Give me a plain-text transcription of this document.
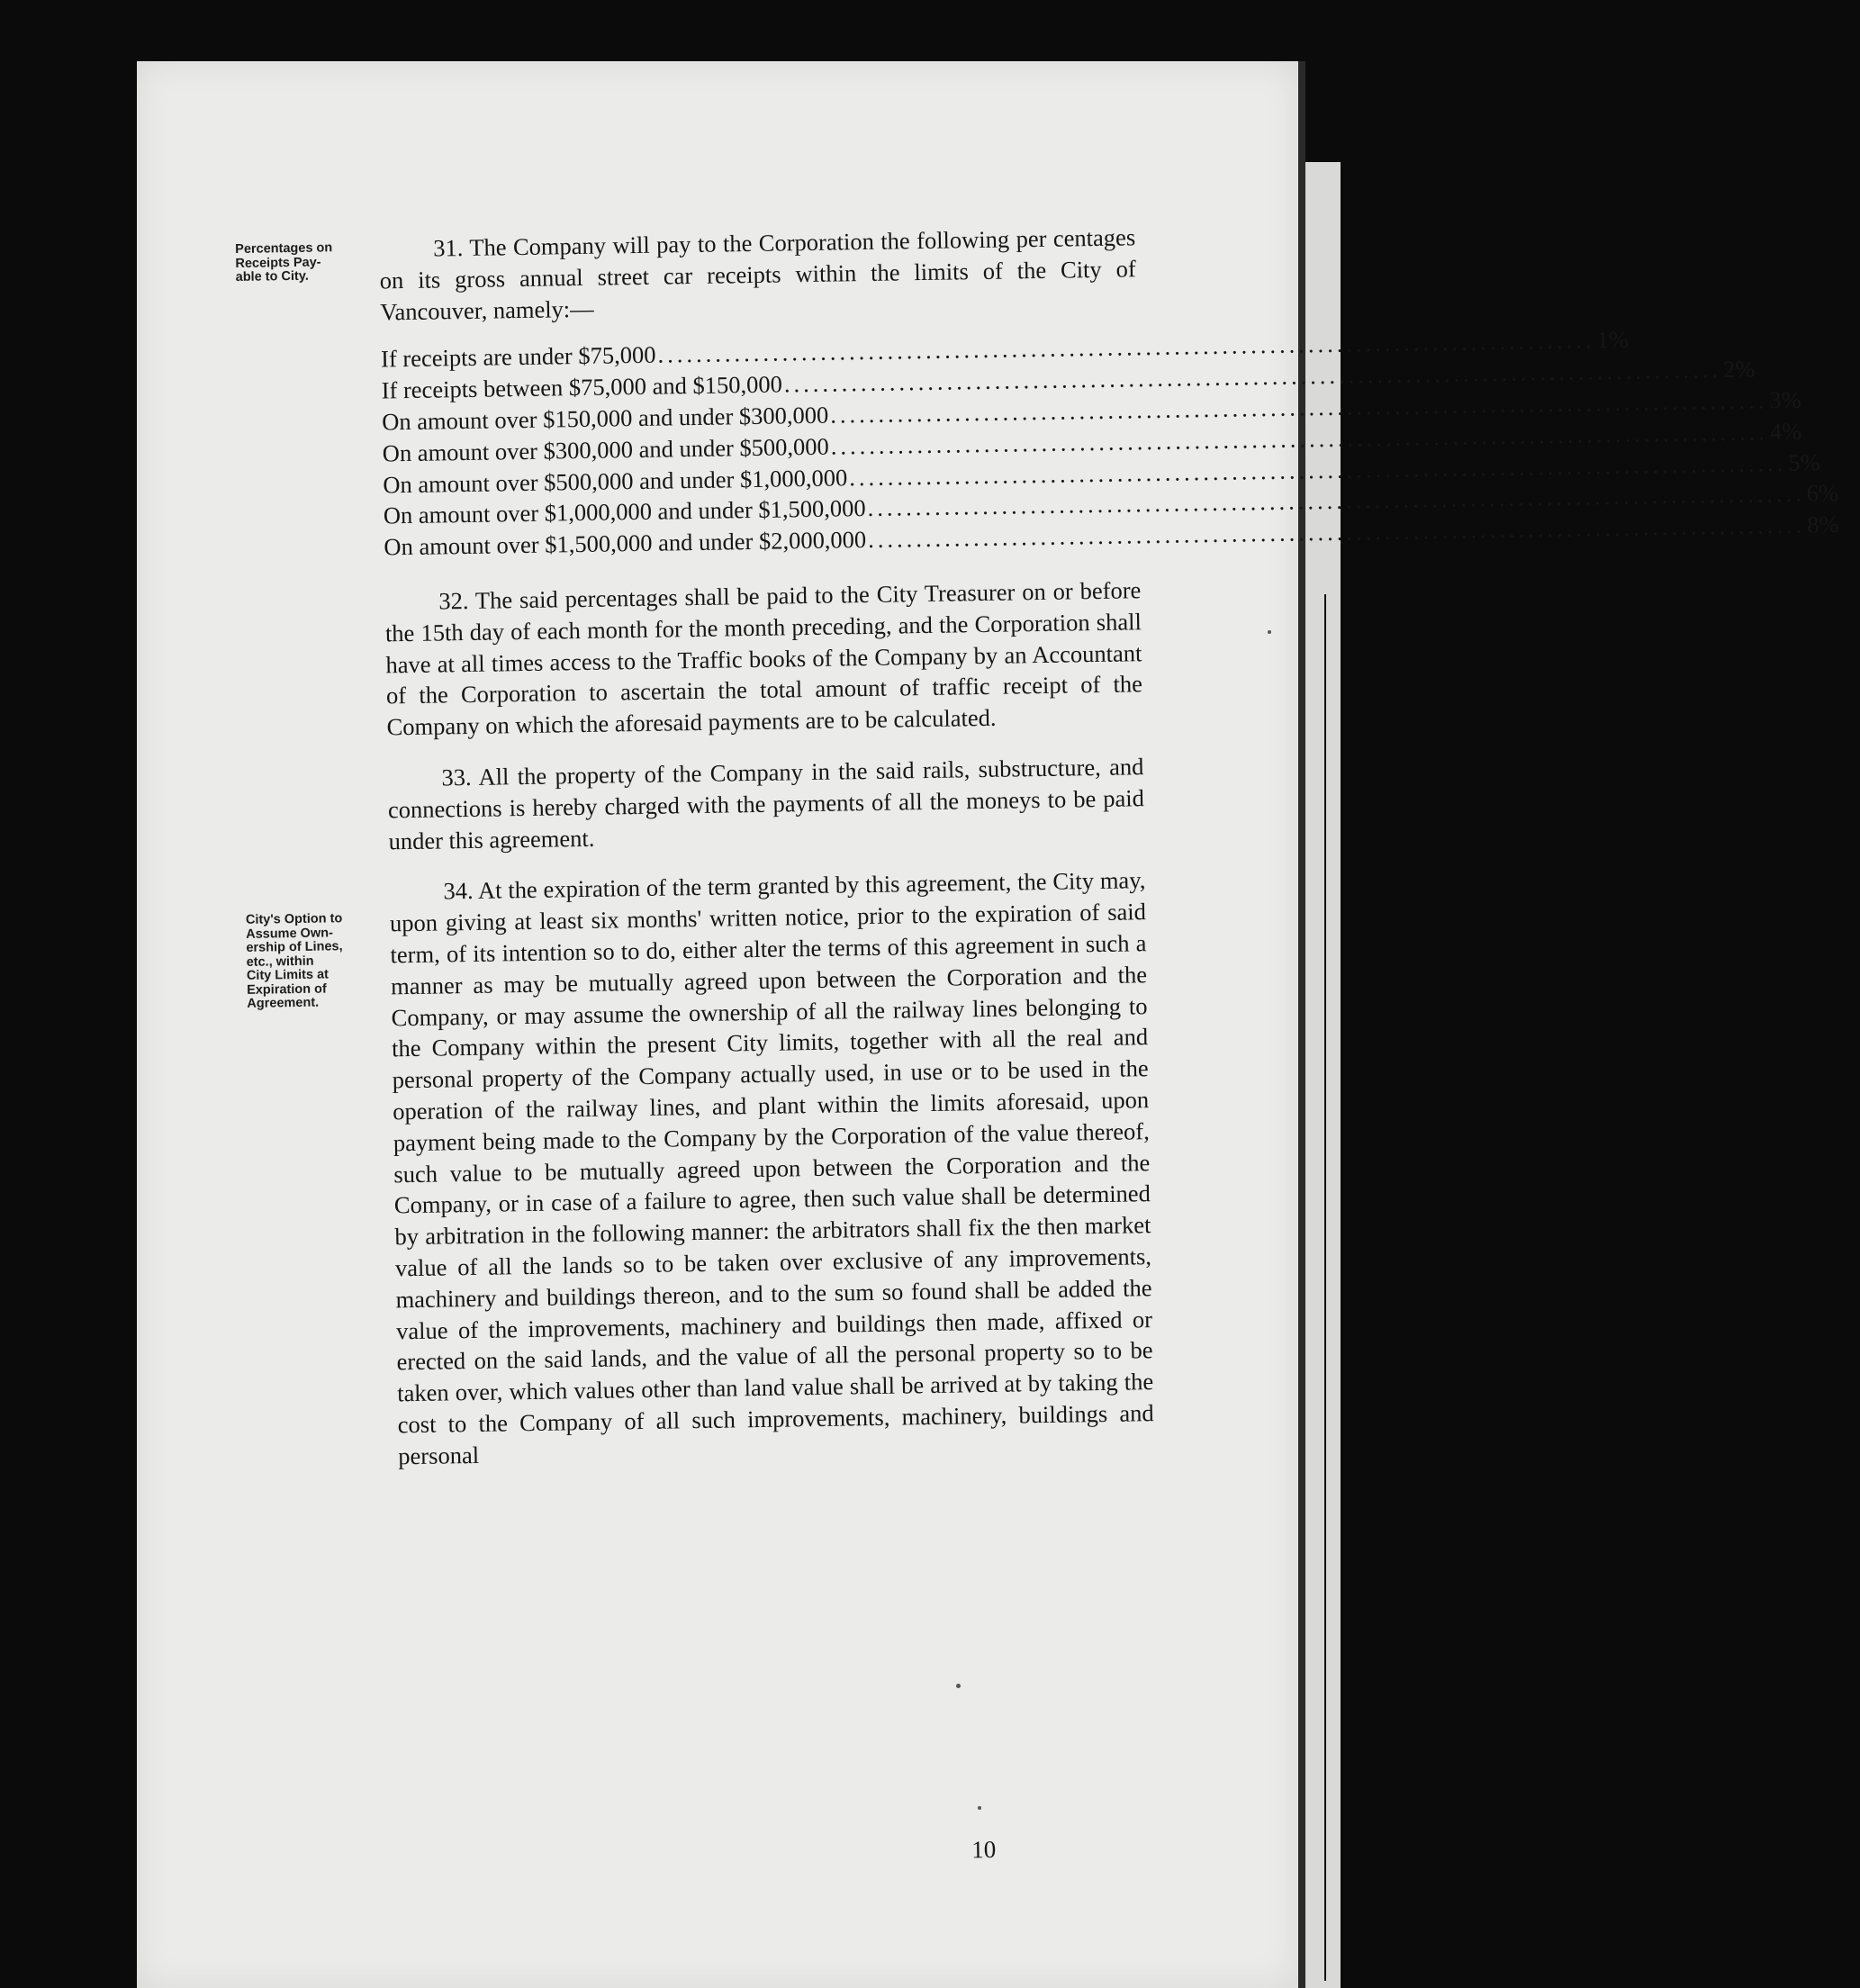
Percentages on
Receipts Pay-
able to City.
City's Option to
Assume Own-
ership of Lines,
etc., within
City Limits at
Expiration of
Agreement.

31. The Company will pay to the Corporation the following per centages on its gross annual street car receipts within the limits of the City of Vancouver, namely:—

If receipts are under $75,000 .................................................................................................. 1%
If receipts between $75,000 and $150,000 .................................................................................................. 2%
On amount over $150,000 and under $300,000 .................................................................................................. 3%
On amount over $300,000 and under $500,000 .................................................................................................. 4%
On amount over $500,000 and under $1,000,000 .................................................................................................. 5%
On amount over $1,000,000 and under $1,500,000 .................................................................................................. 6%
On amount over $1,500,000 and under $2,000,000 .................................................................................................. 8%

32. The said percentages shall be paid to the City Treasurer on or before the 15th day of each month for the month preceding, and the Corporation shall have at all times access to the Traffic books of the Company by an Accountant of the Corporation to ascertain the total amount of traffic receipt of the Company on which the aforesaid payments are to be calculated.

33. All the property of the Company in the said rails, substructure, and connections is hereby charged with the payments of all the moneys to be paid under this agreement.

34. At the expiration of the term granted by this agreement, the City may, upon giving at least six months' written notice, prior to the expiration of said term, of its intention so to do, either alter the terms of this agreement in such a manner as may be mutually agreed upon between the Corporation and the Company, or may assume the ownership of all the railway lines belonging to the Company within the present City limits, together with all the real and personal property of the Company actually used, in use or to be used in the operation of the railway lines, and plant within the limits aforesaid, upon payment being made to the Company by the Corporation of the value thereof, such value to be mutually agreed upon between the Corporation and the Company, or in case of a failure to agree, then such value shall be determined by arbitration in the following manner: the arbitrators shall fix the then market value of all the lands so to be taken over exclusive of any improvements, machinery and buildings thereon, and to the sum so found shall be added the value of the improvements, machinery and buildings then made, affixed or erected on the said lands, and the value of all the personal property so to be taken over, which values other than land value shall be arrived at by taking the cost to the Company of all such improvements, machinery, buildings and personal

10
